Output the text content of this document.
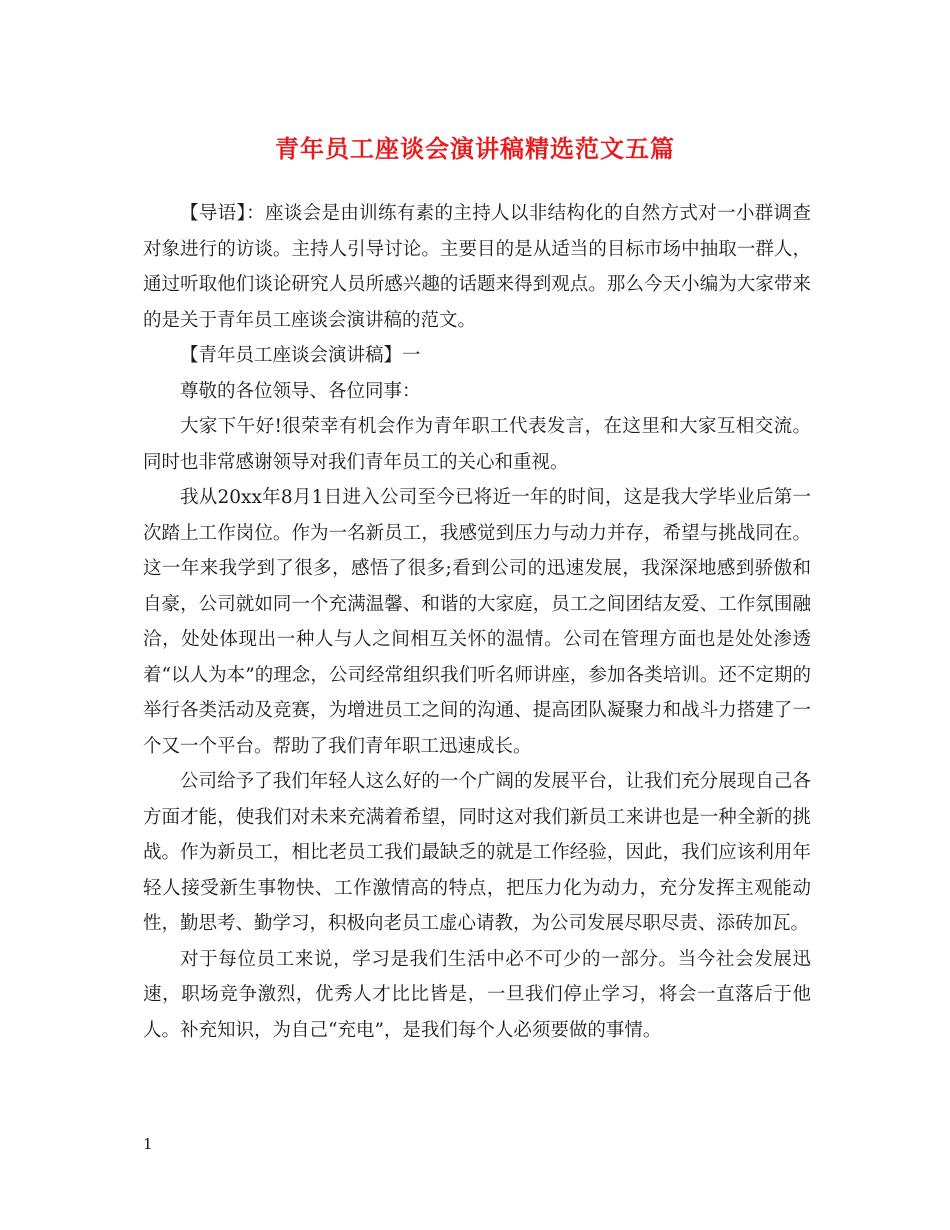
青年员工座谈会演讲稿精选范文五篇

【导语】：座谈会是由训练有素的主持人以非结构化的自然方式对一小群调查对象进行的访谈。主持人引导讨论。主要目的是从适当的目标市场中抽取一群人，通过听取他们谈论研究人员所感兴趣的话题来得到观点。那么今天小编为大家带来的是关于青年员工座谈会演讲稿的范文。

【青年员工座谈会演讲稿】一

尊敬的各位领导、各位同事：

大家下午好!很荣幸有机会作为青年职工代表发言，在这里和大家互相交流。同时也非常感谢领导对我们青年员工的关心和重视。

我从20xx年8月1日进入公司至今已将近一年的时间，这是我大学毕业后第一次踏上工作岗位。作为一名新员工，我感觉到压力与动力并存，希望与挑战同在。这一年来我学到了很多，感悟了很多;看到公司的迅速发展，我深深地感到骄傲和自豪，公司就如同一个充满温馨、和谐的大家庭，员工之间团结友爱、工作氛围融洽，处处体现出一种人与人之间相互关怀的温情。公司在管理方面也是处处渗透着“以人为本”的理念，公司经常组织我们听名师讲座，参加各类培训。还不定期的举行各类活动及竞赛，为增进员工之间的沟通、提高团队凝聚力和战斗力搭建了一个又一个平台。帮助了我们青年职工迅速成长。

公司给予了我们年轻人这么好的一个广阔的发展平台，让我们充分展现自己各方面才能，使我们对未来充满着希望，同时这对我们新员工来讲也是一种全新的挑战。作为新员工，相比老员工我们最缺乏的就是工作经验，因此，我们应该利用年轻人接受新生事物快、工作激情高的特点，把压力化为动力，充分发挥主观能动性，勤思考、勤学习，积极向老员工虚心请教，为公司发展尽职尽责、添砖加瓦。

对于每位员工来说，学习是我们生活中必不可少的一部分。当今社会发展迅速，职场竞争激烈，优秀人才比比皆是，一旦我们停止学习，将会一直落后于他人。补充知识，为自己“充电”，是我们每个人必须要做的事情。

1
